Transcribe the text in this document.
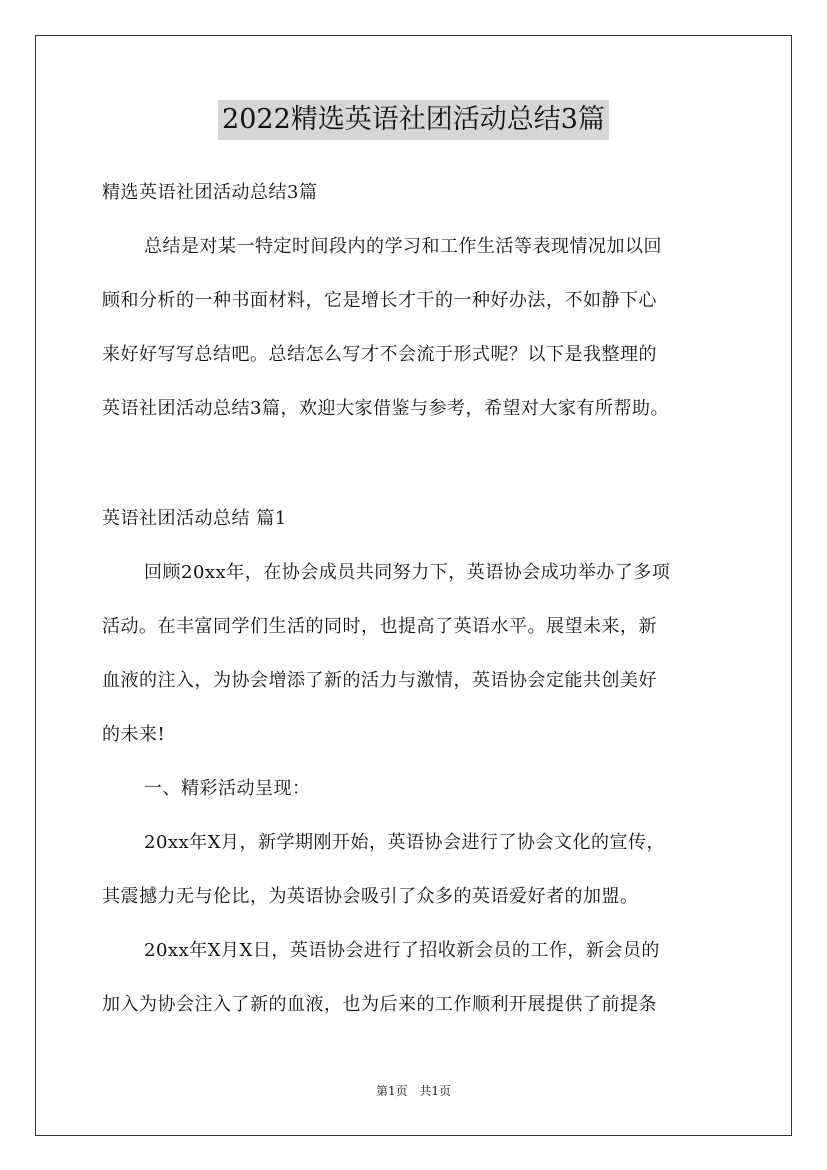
2022精选英语社团活动总结3篇
精选英语社团活动总结3篇
总结是对某一特定时间段内的学习和工作生活等表现情况加以回
顾和分析的一种书面材料，它是增长才干的一种好办法，不如静下心
来好好写写总结吧。总结怎么写才不会流于形式呢？以下是我整理的
英语社团活动总结3篇，欢迎大家借鉴与参考，希望对大家有所帮助。
英语社团活动总结 篇1
回顾20xx年，在协会成员共同努力下，英语协会成功举办了多项
活动。在丰富同学们生活的同时，也提高了英语水平。展望未来，新
血液的注入，为协会增添了新的活力与激情，英语协会定能共创美好
的未来!
一、精彩活动呈现：
20xx年X月，新学期刚开始，英语协会进行了协会文化的宣传，
其震撼力无与伦比，为英语协会吸引了众多的英语爱好者的加盟。
20xx年X月X日，英语协会进行了招收新会员的工作，新会员的
加入为协会注入了新的血液，也为后来的工作顺利开展提供了前提条
第1页 共1页
